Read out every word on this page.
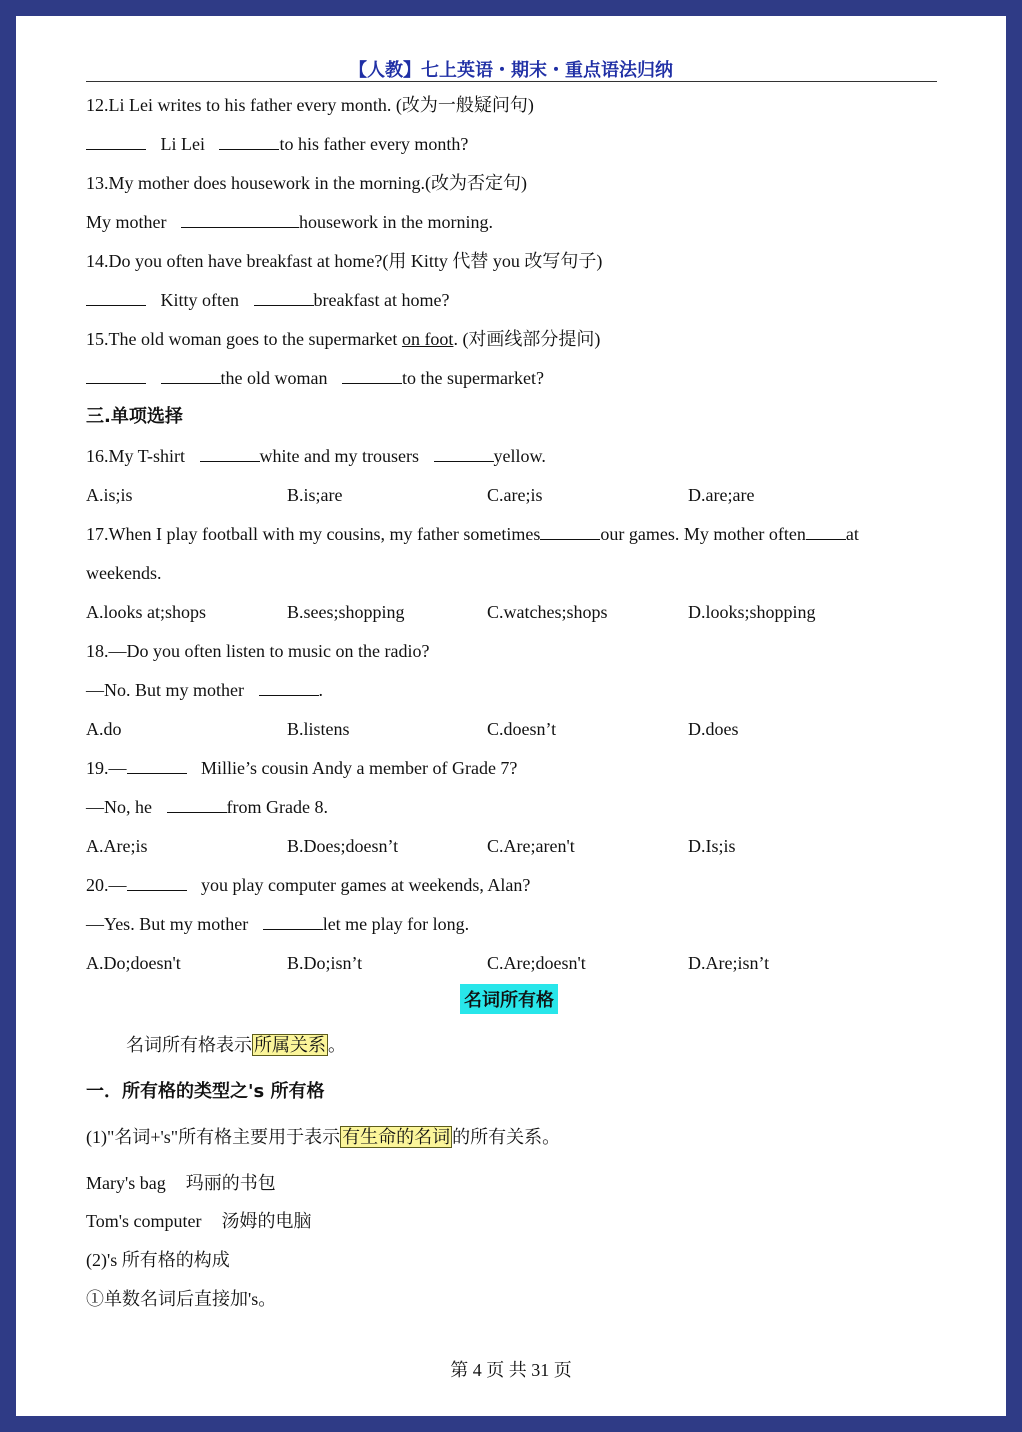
【人教】七上英语・期末・重点语法归纳
12.Li Lei writes to his father every month. (改为一般疑问句)
Li Lei	to his father every month?
13.My mother does housework in the morning.(改为否定句)
My mother	housework in the morning.
14.Do you often have breakfast at home?(用 Kitty 代替 you 改写句子)
Kitty often	breakfast at home?
15.The old woman goes to the supermarket on foot. (对画线部分提问)
the old woman	to the supermarket?
三.单项选择
16.My T-shirt	white and my trousers	yellow.
A.is;is	B.is;are	C.are;is	D.are;are
17.When I play football with my cousins, my father sometimes	our games. My mother often at
weekends.
A.looks at;shops	B.sees;shopping	C.watches;shops	D.looks;shopping
18.—Do you often listen to music on the radio?
—No. But my mother	.
A.do	B.listens	C.doesn’t	D.does
19.—	Millie’s cousin Andy a member of Grade 7?
—No, he	from Grade 8.
A.Are;is	B.Does;doesn’t	C.Are;aren't	D.Is;is
20.—	you play computer games at weekends, Alan?
—Yes. But my mother	let me play for long.
A.Do;doesn't	B.Do;isn’t	C.Are;doesn't	D.Are;isn’t
名词所有格
名词所有格表示 所属关系 。
一．所有格的类型之's 所有格
(1)"名词+'s"所有格主要用于表示 有生命的名词 的所有关系。
Mary's bag 玛丽的书包
Tom's computer 汤姆的电脑
(2)'s 所有格的构成
①单数名词后直接加's。
第 4 页 共 31 页
